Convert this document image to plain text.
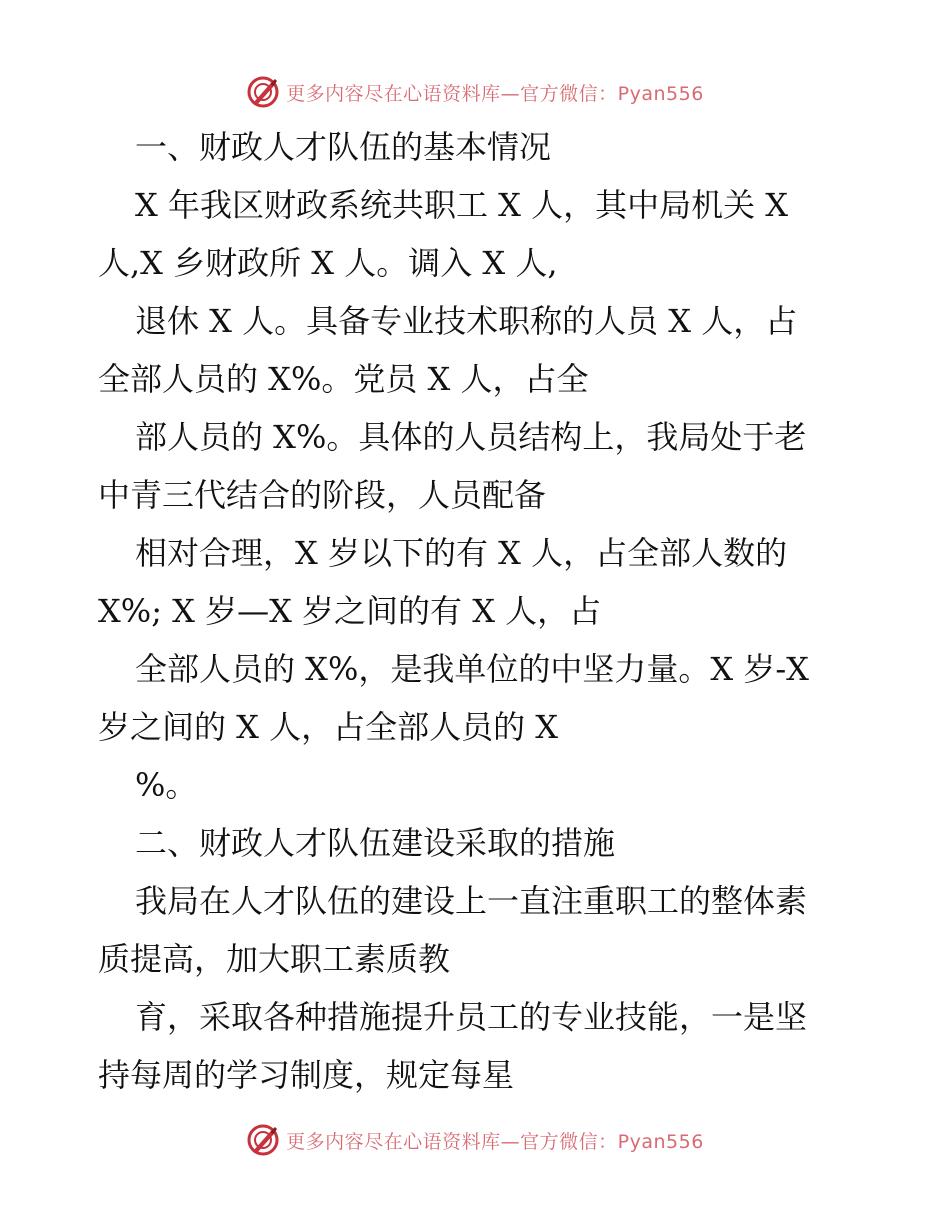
更多内容尽在心语资料库—官方微信：Pyan556

一、财政人才队伍的基本情况

X 年我区财政系统共职工 X 人，其中局机关 X

人,X 乡财政所 X 人。调入 X 人,

退休 X 人。具备专业技术职称的人员 X 人，占

全部人员的 X%。党员 X 人，占全

部人员的 X%。具体的人员结构上，我局处于老

中青三代结合的阶段，人员配备

相对合理，X 岁以下的有 X 人，占全部人数的

X%; X 岁—X 岁之间的有 X 人，占

全部人员的 X%，是我单位的中坚力量。X 岁-X

岁之间的 X 人，占全部人员的 X

%。

二、财政人才队伍建设采取的措施

我局在人才队伍的建设上一直注重职工的整体素

质提高，加大职工素质教

育，采取各种措施提升员工的专业技能，一是坚

持每周的学习制度，规定每星

更多内容尽在心语资料库—官方微信：Pyan556
